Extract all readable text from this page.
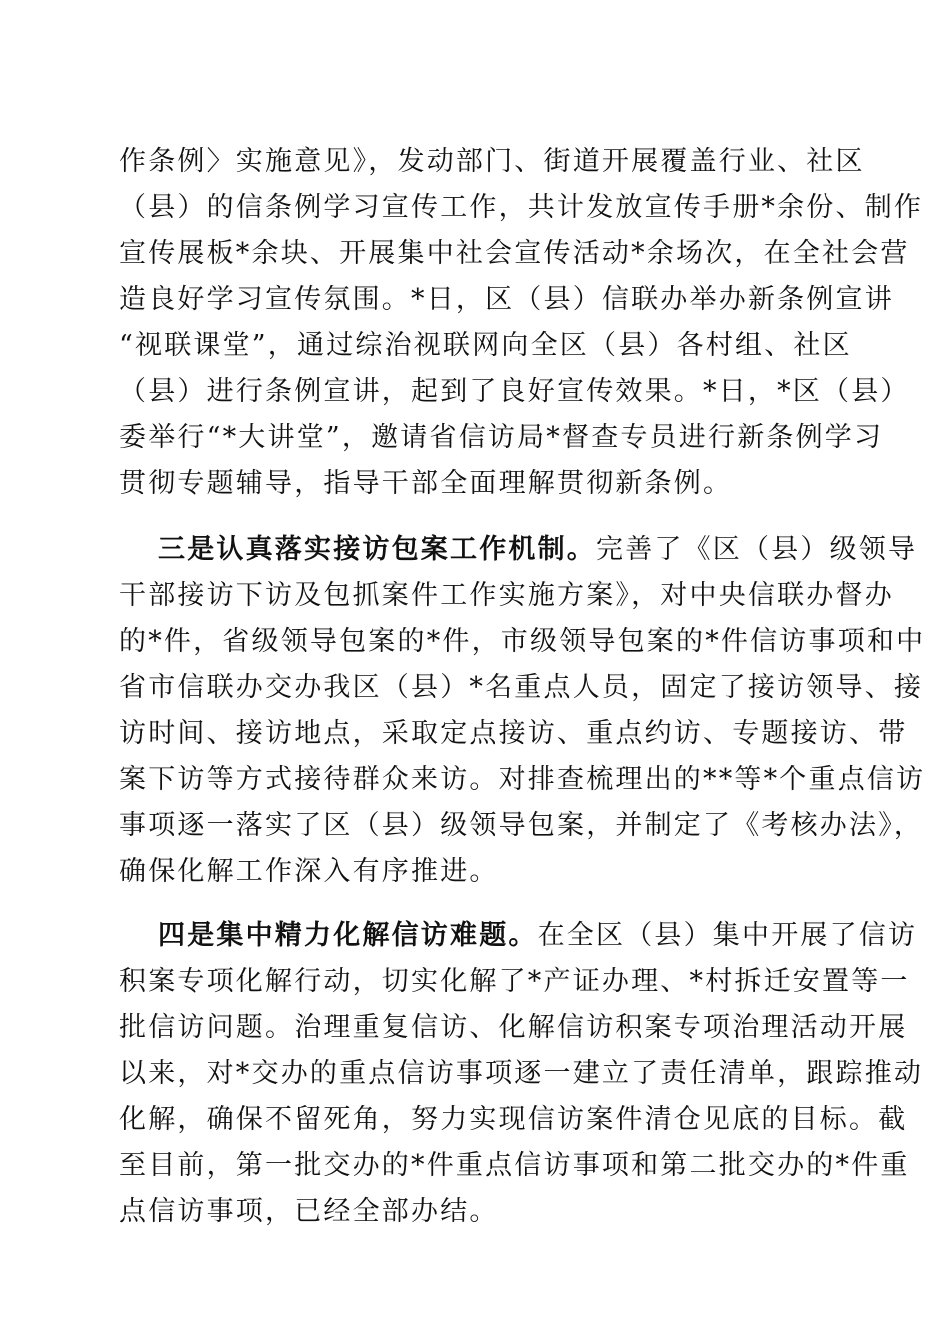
作条例〉实施意见》，发动部门、街道开展覆盖行业、社区
（县）的信条例学习宣传工作，共计发放宣传手册*余份、制作
宣传展板*余块、开展集中社会宣传活动*余场次，在全社会营
造良好学习宣传氛围。*日，区（县）信联办举办新条例宣讲
“视联课堂”，通过综治视联网向全区（县）各村组、社区
（县）进行条例宣讲，起到了良好宣传效果。*日，*区（县）
委举行“*大讲堂”，邀请省信访局*督查专员进行新条例学习
贯彻专题辅导，指导干部全面理解贯彻新条例。
三是认真落实接访包案工作机制。完善了《区（县）级领导
干部接访下访及包抓案件工作实施方案》，对中央信联办督办
的*件，省级领导包案的*件，市级领导包案的*件信访事项和中
省市信联办交办我区（县）*名重点人员，固定了接访领导、接
访时间、接访地点，采取定点接访、重点约访、专题接访、带
案下访等方式接待群众来访。对排查梳理出的**等*个重点信访
事项逐一落实了区（县）级领导包案，并制定了《考核办法》，
确保化解工作深入有序推进。
四是集中精力化解信访难题。在全区（县）集中开展了信访
积案专项化解行动，切实化解了*产证办理、*村拆迁安置等一
批信访问题。治理重复信访、化解信访积案专项治理活动开展
以来，对*交办的重点信访事项逐一建立了责任清单，跟踪推动
化解，确保不留死角，努力实现信访案件清仓见底的目标。截
至目前，第一批交办的*件重点信访事项和第二批交办的*件重
点信访事项，已经全部办结。
